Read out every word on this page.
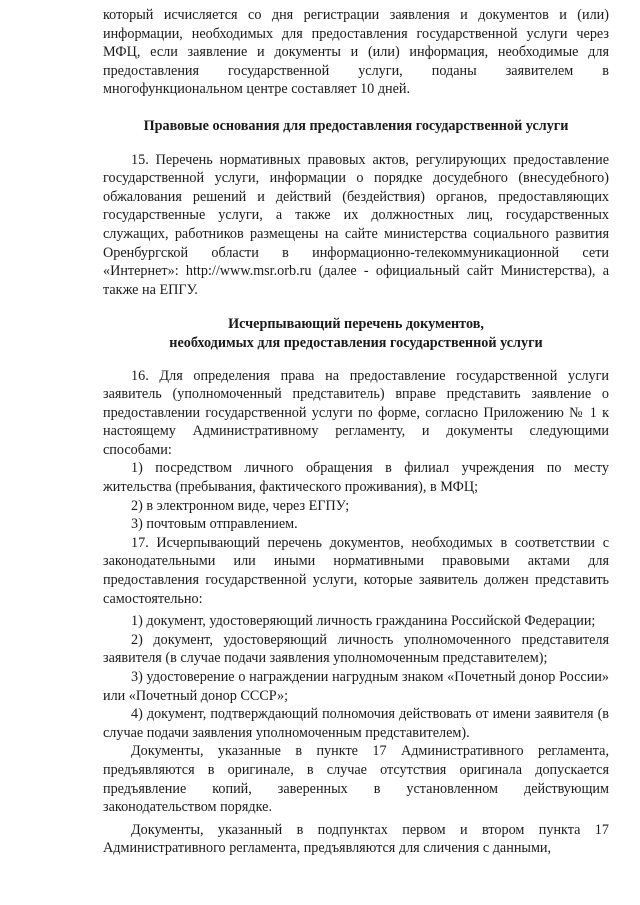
который исчисляется со дня регистрации заявления и документов и (или) информации, необходимых для предоставления государственной услуги через МФЦ, если заявление и документы и (или) информация, необходимые для предоставления государственной услуги, поданы заявителем в многофункциональном центре составляет 10 дней.

Правовые основания для предоставления государственной услуги

15. Перечень нормативных правовых актов, регулирующих предоставление государственной услуги, информации о порядке досудебного (внесудебного) обжалования решений и действий (бездействия) органов, предоставляющих государственные услуги, а также их должностных лиц, государственных служащих, работников размещены на сайте министерства социального развития Оренбургской области в информационно-телекоммуникационной сети «Интернет»: http://www.msr.orb.ru (далее - официальный сайт Министерства), а также на ЕПГУ.

Исчерпывающий перечень документов,

необходимых для предоставления государственной услуги

16. Для определения права на предоставление государственной услуги заявитель (уполномоченный представитель) вправе представить заявление о предоставлении государственной услуги по форме, согласно Приложению № 1 к настоящему Административному регламенту, и документы следующими способами:

1) посредством личного обращения в филиал учреждения по месту жительства (пребывания, фактического проживания), в МФЦ;

2) в электронном виде, через ЕГПУ;

3) почтовым отправлением.

17. Исчерпывающий перечень документов, необходимых в соответствии с законодательными или иными нормативными правовыми актами для предоставления государственной услуги, которые заявитель должен представить самостоятельно:

1) документ, удостоверяющий личность гражданина Российской Федерации;

2) документ, удостоверяющий личность уполномоченного представителя заявителя (в случае подачи заявления уполномоченным представителем);

3) удостоверение о награждении нагрудным знаком «Почетный донор России» или «Почетный донор СССР»;

4) документ, подтверждающий полномочия действовать от имени заявителя (в случае подачи заявления уполномоченным представителем).

Документы, указанные в пункте 17 Административного регламента, предъявляются в оригинале, в случае отсутствия оригинала допускается предъявление копий, заверенных в установленном действующим законодательством порядке.

Документы, указанный в подпунктах первом и втором пункта 17 Административного регламента, предъявляются для сличения с данными,
